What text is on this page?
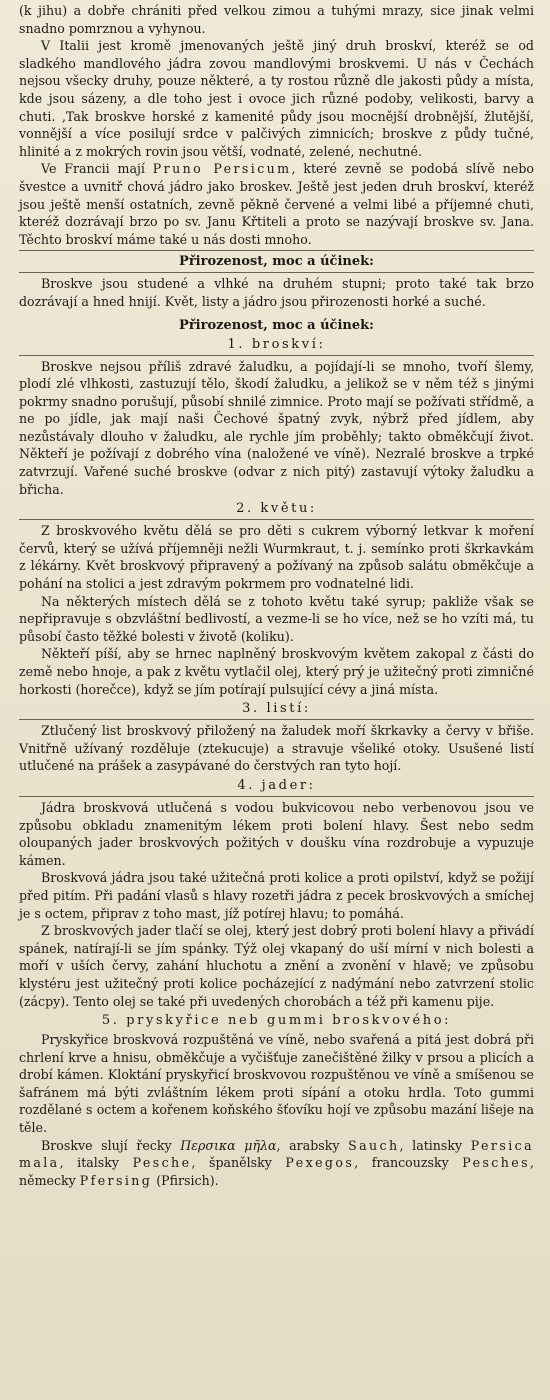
(k jihu) a dobře chrániti před velkou zimou a tuhými mrazy, sice jinak velmi snadno pomrznou a vyhynou.

V Italii jest kromě jmenovaných ještě jiný druh broskví, kteréž se od sladkého mandlového jádra zovou mandlovými broskvemi. U nás v Čechách nejsou všecky druhy, pouze některé, a ty rostou různě dle jakosti půdy a místa, kde jsou sázeny, a dle toho jest i ovoce jich různé podoby, velikosti, barvy a chuti. ‚Tak broskve horské z kamenité půdy jsou mocnější drobnější, žlutější, vonnější a více posilují srdce v palčivých zimnicích; broskve z půdy tučné, hlinité a z mokrých rovin jsou větší, vodnaté, zelené, nechutné.

Ve Francii mají Pruno Persicum, které zevně se podobá slívě nebo švestce a uvnitř chová jádro jako broskev. Ještě jest jeden druh broskví, kteréž jsou ještě menší ostatních, zevně pěkně červené a velmi libé a příjemné chuti, kteréž dozrávají brzo po sv. Janu Křtiteli a proto se nazývají broskve sv. Jana. Těchto broskví máme také u nás dosti mnoho.

Přirozenost, moc a účinek:

Broskve jsou studené a vlhké na druhém stupni; proto také tak brzo dozrávají a hned hnijí. Květ, listy a jádro jsou přirozenosti horké a suché.

Přirozenost, moc a účinek:
1. broskví:

Broskve nejsou příliš zdravé žaludku, a pojídají-li se mnoho, tvoří šlemy, plodí zlé vlhkosti, zastuzují tělo, škodí žaludku, a jelikož se v něm též s jinými pokrmy snadno porušují, působí shnilé zimnice. Proto mají se požívati střídmě, a ne po jídle, jak mají naši Čechové špatný zvyk, nýbrž před jídlem, aby nezůstávaly dlouho v žaludku, ale rychle jím proběhly; takto obměkčují život. Někteří je požívají z dobrého vína (naložené ve víně). Nezralé broskve a trpké zatvrzují. Vařené suché broskve (odvar z nich pitý) zastavují výtoky žaludku a břicha.

2. květu:

Z broskvového květu dělá se pro děti s cukrem výborný letkvar k moření červů, který se užívá příjemněji nežli Wurmkraut, t. j. semínko proti škrkavkám z lékárny. Květ broskvový připravený a požívaný na způsob salátu obměkčuje a pohání na stolici a jest zdravým pokrmem pro vodnatelné lidi.

Na některých místech dělá se z tohoto květu také syrup; pakliže však se nepřipravuje s obzvláštní bedlivostí, a vezme-li se ho více, než se ho vzíti má, tu působí často těžké bolesti v životě (koliku).

Někteří píší, aby se hrnec naplněný broskvovým květem zakopal z části do země nebo hnoje, a pak z květu vytlačil olej, který prý je užitečný proti zimničné horkosti (horečce), když se jím potírají pulsující cévy a jiná místa.

3. listí:

Ztlučený list broskvový přiložený na žaludek moří škrkavky a červy v břiše. Vnitřně užívaný rozděluje (ztekucuje) a stravuje všeliké otoky. Usušené listí utlučené na prášek a zasypávané do čerstvých ran tyto hojí.

4. jader:

Jádra broskvová utlučená s vodou bukvicovou nebo verbenovou jsou ve způsobu obkladu znamenitým lékem proti bolení hlavy. Šest nebo sedm oloupaných jader broskvových požitých v doušku vína rozdrobuje a vypuzuje kámen.

Broskvová jádra jsou také užitečná proti kolice a proti opilství, když se požijí před pitím. Při padání vlasů s hlavy rozetři jádra z pecek broskvových a smíchej je s octem, připrav z toho mast, jíž potírej hlavu; to pomáhá.

Z broskvových jader tlačí se olej, který jest dobrý proti bolení hlavy a přivádí spánek, natírají-li se jím spánky. Týž olej vkapaný do uší mírní v nich bolesti a moří v uších červy, zahání hluchotu a znění a zvonění v hlavě; ve způsobu klystéru jest užitečný proti kolice pocházející z nadýmání nebo zatvrzení stolic (zácpy). Tento olej se také při uvedených chorobách a též při kamenu pije.

5. pryskyřice neb gummi broskvového:

Pryskyřice broskvová rozpuštěná ve víně, nebo svařená a pitá jest dobrá při chrlení krve a hnisu, obměkčuje a vyčišťuje zanečištěné žilky v prsou a plicích a drobí kámen. Kloktání pryskyřicí broskvovou rozpuštěnou ve víně a smíšenou se šafránem má býti zvláštním lékem proti sípání a otoku hrdla. Toto gummi rozdělané s octem a kořenem koňského šťovíku hojí ve způsobu mazání lišeje na těle.

Broskve slují řecky Περσικα μῆλα, arabsky Sauch, latinsky Persica mala, italsky Pesche, španělsky Pexegos, francouzsky Pesches, německy Pfersing (Pfirsich).
